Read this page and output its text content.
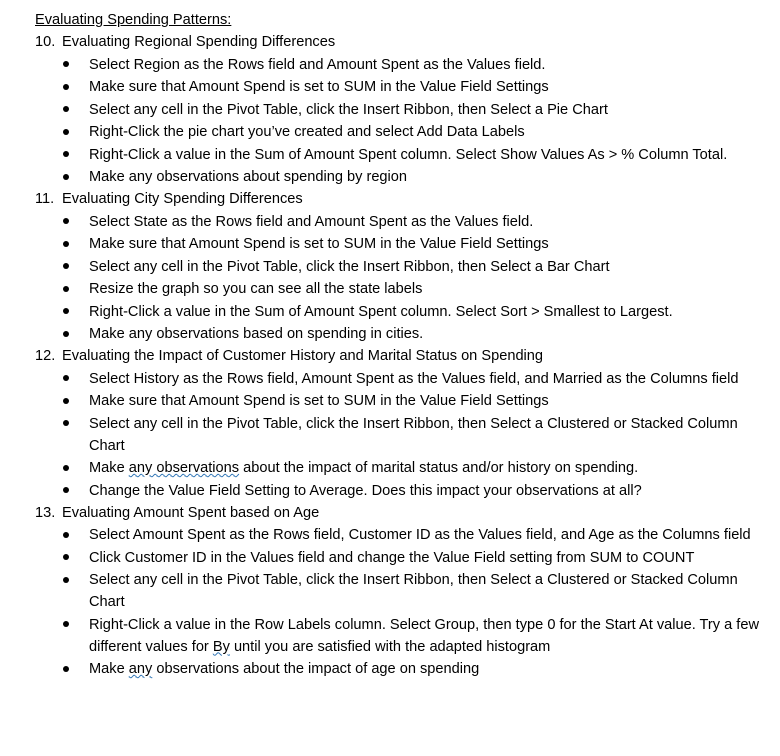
Evaluating Spending Patterns:
10. Evaluating Regional Spending Differences
Select Region as the Rows field and Amount Spent as the Values field.
Make sure that Amount Spend is set to SUM in the Value Field Settings
Select any cell in the Pivot Table, click the Insert Ribbon, then Select a Pie Chart
Right-Click the pie chart you’ve created and select Add Data Labels
Right-Click a value in the Sum of Amount Spent column. Select Show Values As > % Column Total.
Make any observations about spending by region
11. Evaluating City Spending Differences
Select State as the Rows field and Amount Spent as the Values field.
Make sure that Amount Spend is set to SUM in the Value Field Settings
Select any cell in the Pivot Table, click the Insert Ribbon, then Select a Bar Chart
Resize the graph so you can see all the state labels
Right-Click a value in the Sum of Amount Spent column. Select Sort > Smallest to Largest.
Make any observations based on spending in cities.
12. Evaluating the Impact of Customer History and Marital Status on Spending
Select History as the Rows field, Amount Spent as the Values field, and Married as the Columns field
Make sure that Amount Spend is set to SUM in the Value Field Settings
Select any cell in the Pivot Table, click the Insert Ribbon, then Select a Clustered or Stacked Column Chart
Make any observations about the impact of marital status and/or history on spending.
Change the Value Field Setting to Average. Does this impact your observations at all?
13. Evaluating Amount Spent based on Age
Select Amount Spent as the Rows field, Customer ID as the Values field, and Age as the Columns field
Click Customer ID in the Values field and change the Value Field setting from SUM to COUNT
Select any cell in the Pivot Table, click the Insert Ribbon, then Select a Clustered or Stacked Column Chart
Right-Click a value in the Row Labels column. Select Group, then type 0 for the Start At value. Try a few different values for By until you are satisfied with the adapted histogram
Make any observations about the impact of age on spending
